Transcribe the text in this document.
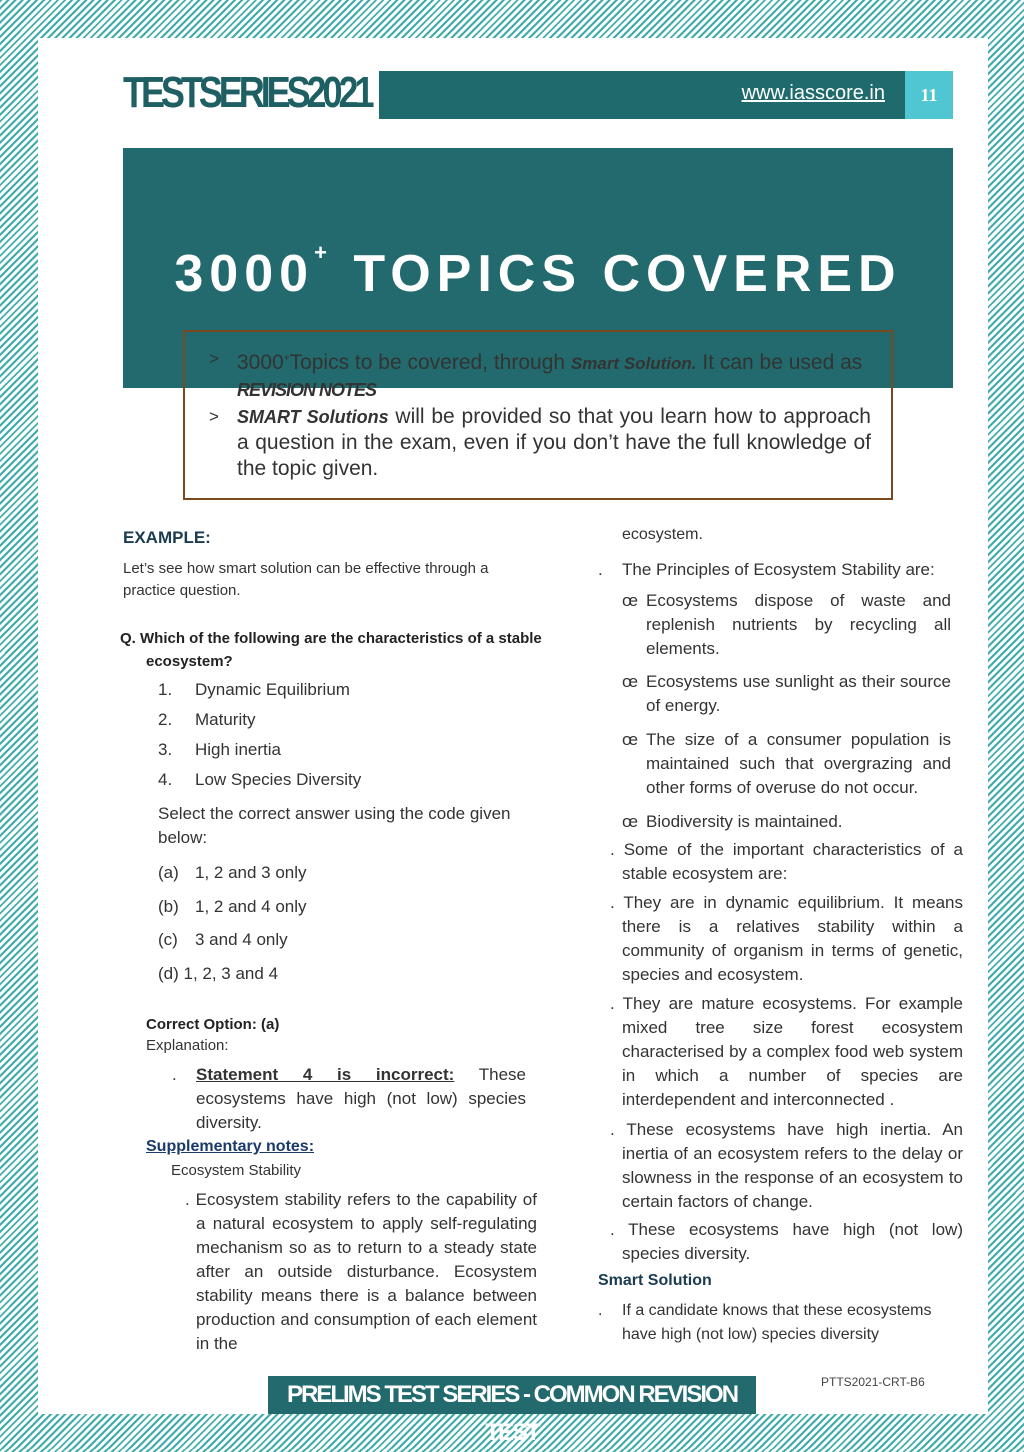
TESTSERIES2021	www.iasscore.in	11
3000+ TOPICS COVERED
> 3000+Topics to be covered, through Smart Solution. It can be used as REVISION NOTES
>	SMART Solutions will be provided so that you learn how to approach a question in the exam, even if you don’t have the full knowledge of the topic given.
EXAMPLE:
Let’s see how smart solution can be effective through a practice question.
Q. Which of the following are the characteristics of a stable ecosystem?
1. Dynamic Equilibrium
2. Maturity
3. High inertia
4. Low Species Diversity
Select the correct answer using the code given below:
(a) 1, 2 and 3 only
(b) 1, 2 and 4 only
(c) 3 and 4 only
(d) 1, 2, 3 and 4
Correct Option: (a)
Explanation:
. Statement 4 is incorrect: These ecosystems have high (not low) species diversity.
Supplementary notes:
Ecosystem Stability
. Ecosystem stability refers to the capability of a natural ecosystem to apply self-regulating mechanism so as to return to a steady state after an outside disturbance. Ecosystem stability means there is a balance between production and consumption of each element in the
ecosystem.
. The Principles of Ecosystem Stability are:
œ Ecosystems dispose of waste and replenish nutrients by recycling all elements.
œ Ecosystems use sunlight as their source of energy.
œ The size of a consumer population is maintained such that overgrazing and other forms of overuse do not occur.
œ Biodiversity is maintained.
. Some of the important characteristics of a stable ecosystem are:
. They are in dynamic equilibrium. It means there is a relatives stability within a community of organism in terms of genetic, species and ecosystem.
. They are mature ecosystems. For example mixed tree size forest ecosystem characterised by a complex food web system in which a number of species are interdependent and interconnected .
. These ecosystems have high inertia. An inertia of an ecosystem refers to the delay or slowness in the response of an ecosystem to certain factors of change.
. These ecosystems have high (not low) species diversity.
Smart Solution
. If a candidate knows that these ecosystems have high (not low) species diversity
PRELIMS TEST SERIES - COMMON REVISION TEST
PTTS2021-CRT-B6
